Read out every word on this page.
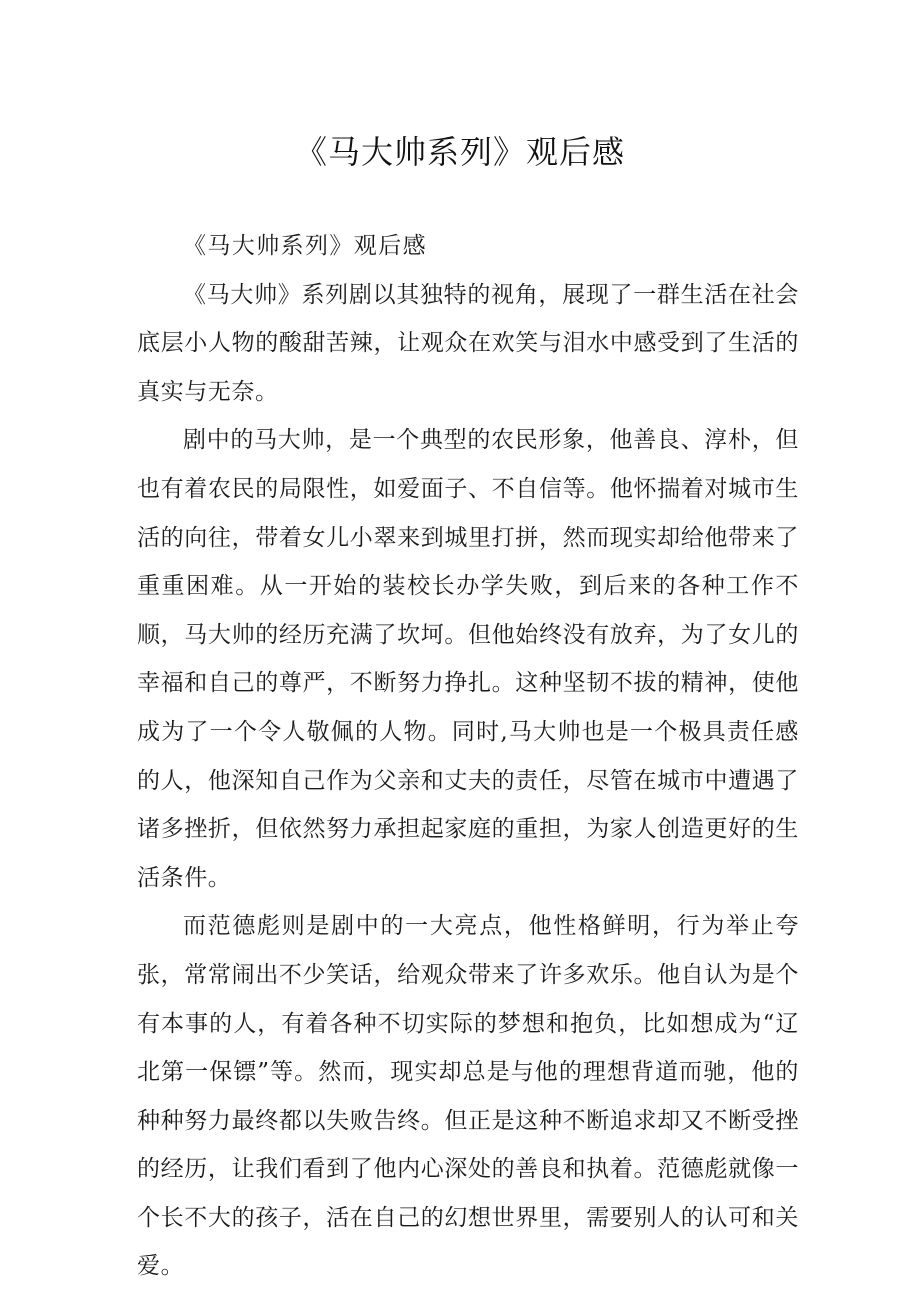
《马大帅系列》观后感

《马大帅系列》观后感

《马大帅》系列剧以其独特的视角，展现了一群生活在社会底层小人物的酸甜苦辣，让观众在欢笑与泪水中感受到了生活的真实与无奈。

剧中的马大帅，是一个典型的农民形象，他善良、淳朴，但也有着农民的局限性，如爱面子、不自信等。他怀揣着对城市生活的向往，带着女儿小翠来到城里打拼，然而现实却给他带来了重重困难。从一开始的装校长办学失败，到后来的各种工作不顺，马大帅的经历充满了坎坷。但他始终没有放弃，为了女儿的幸福和自己的尊严，不断努力挣扎。这种坚韧不拔的精神，使他成为了一个令人敬佩的人物。同时,马大帅也是一个极具责任感的人，他深知自己作为父亲和丈夫的责任，尽管在城市中遭遇了诸多挫折，但依然努力承担起家庭的重担，为家人创造更好的生活条件。

而范德彪则是剧中的一大亮点，他性格鲜明，行为举止夸张，常常闹出不少笑话，给观众带来了许多欢乐。他自认为是个有本事的人，有着各种不切实际的梦想和抱负，比如想成为“辽北第一保镖”等。然而，现实却总是与他的理想背道而驰，他的种种努力最终都以失败告终。但正是这种不断追求却又不断受挫的经历，让我们看到了他内心深处的善良和执着。范德彪就像一个长不大的孩子，活在自己的幻想世界里，需要别人的认可和关爱。
